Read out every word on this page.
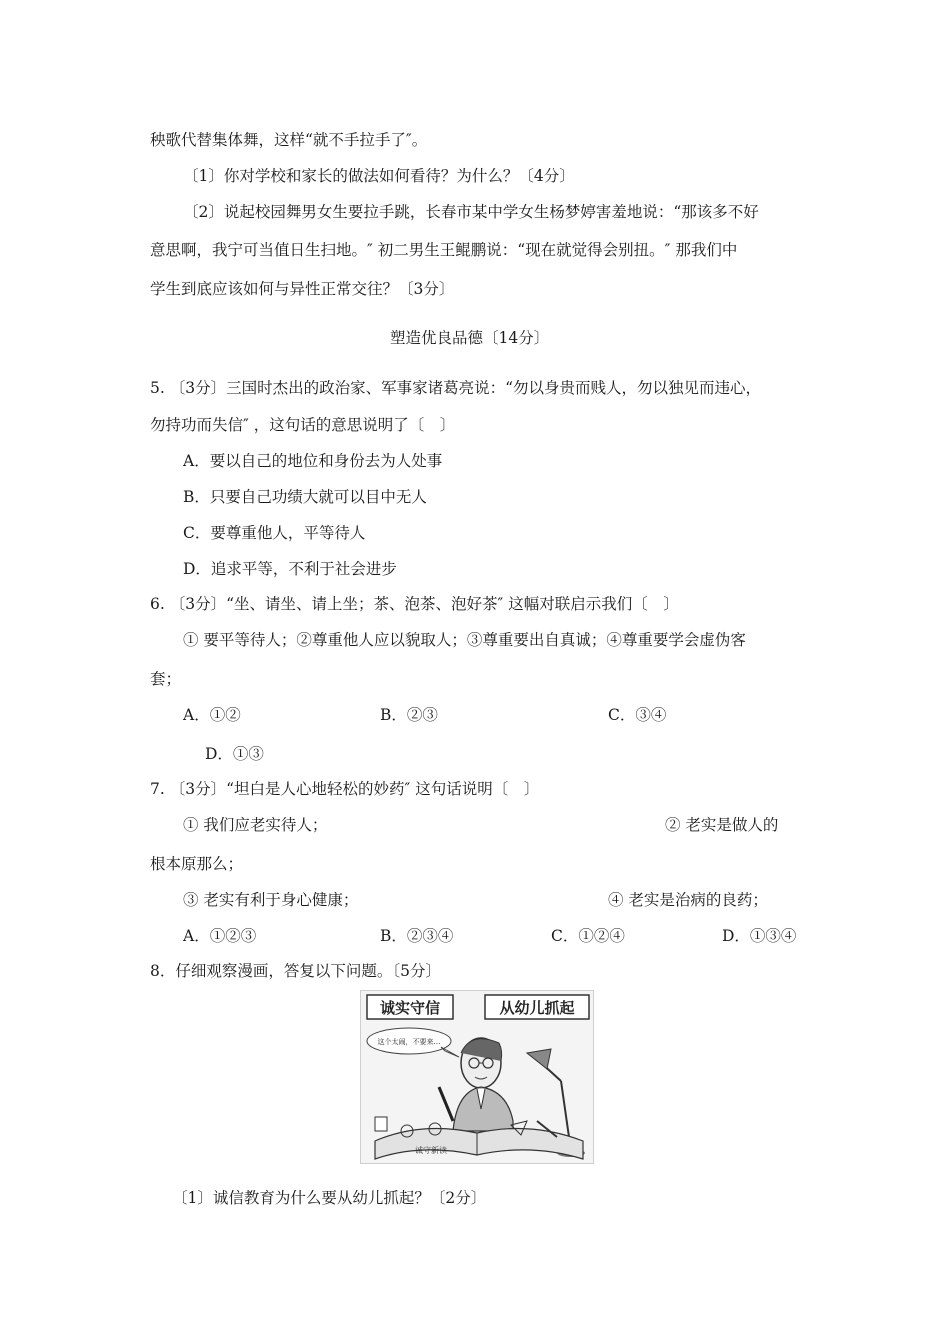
秧歌代替集体舞，这样“就不手拉手了″。
〔1〕你对学校和家长的做法如何看待？为什么？〔4分〕
〔2〕说起校园舞男女生要拉手跳，长春市某中学女生杨梦婷害羞地说：“那该多不好
意思啊，我宁可当值日生扫地。″ 初二男生王鲲鹏说：“现在就觉得会别扭。″ 那我们中
学生到底应该如何与异性正常交往？〔3分〕
塑造优良品德〔14分〕
5. 〔3分〕三国时杰出的政治家、军事家诸葛亮说：“勿以身贵而贱人，勿以独见而违心，
勿持功而失信″ ，这句话的意思说明了〔　〕
A．要以自己的地位和身份去为人处事
B．只要自己功绩大就可以目中无人
C．要尊重他人，平等待人
D．追求平等，不利于社会进步
6. 〔3分〕“坐、请坐、请上坐；茶、泡茶、泡好茶″ 这幅对联启示我们〔　〕
① 要平等待人；②尊重他人应以貌取人；③尊重要出自真诚；④尊重要学会虚伪客
套；
A．①②	B．②③	C．③④
D．①③
7. 〔3分〕“坦白是人心地轻松的妙药″ 这句话说明〔　〕
① 我们应老实待人；	② 老实是做人的
根本原那么；
③ 老实有利于身心健康；	④ 老实是治病的良药；
A．①②③	B．②③④	C．①②④	D．①③④
8．仔细观察漫画，答复以下问题。〔5分〕
诚实守信	从幼儿抓起
这个太闹，不要来…
诚守新读
〔1〕诚信教育为什么要从幼儿抓起？〔2分〕
